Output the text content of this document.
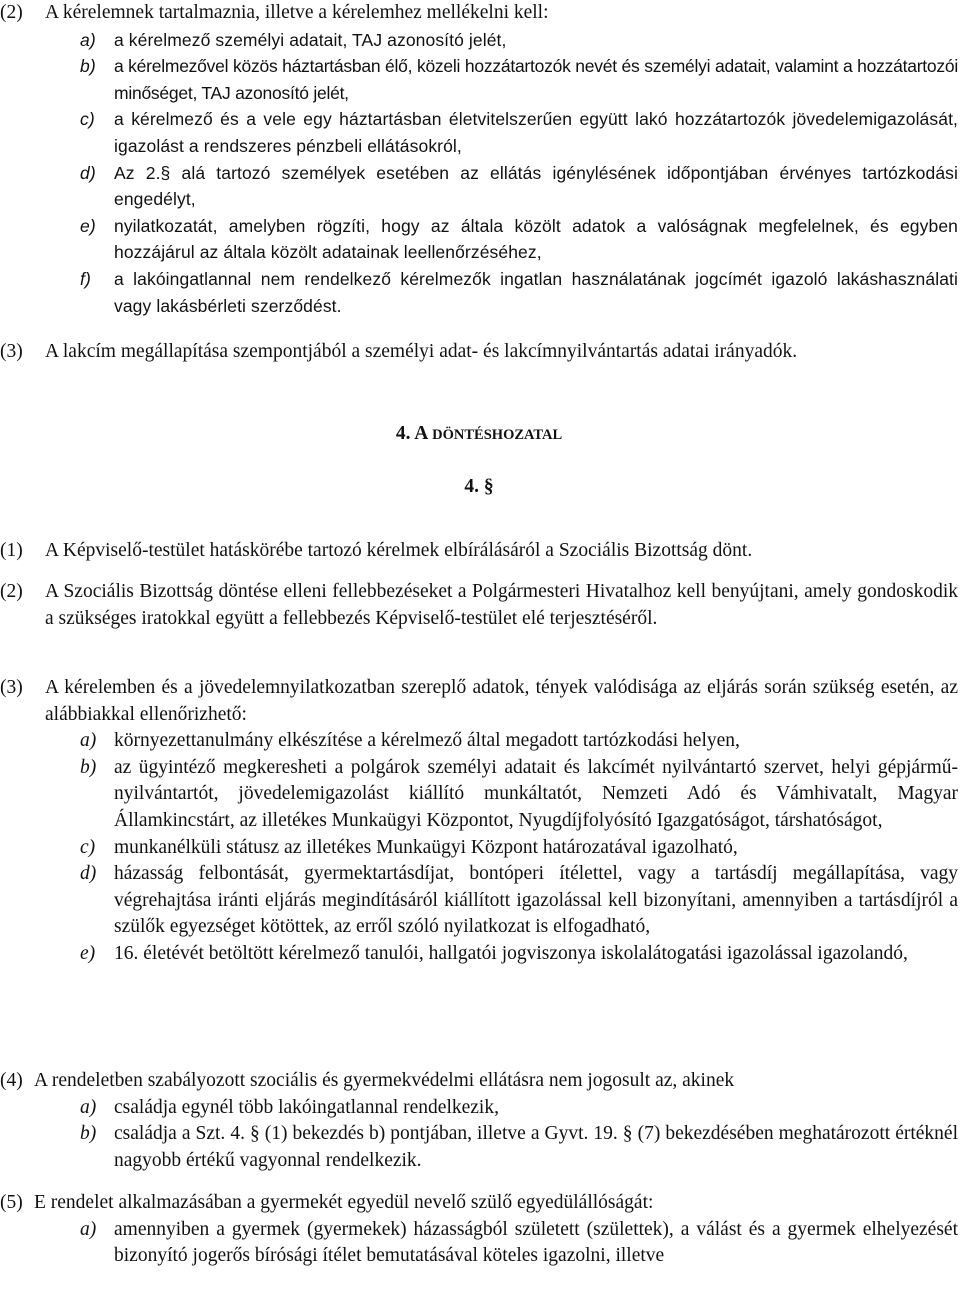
(2)	A kérelemnek tartalmaznia, illetve a kérelemhez mellékelni kell:
a)	a kérelmező személyi adatait, TAJ azonosító jelét,
b)	a kérelmezővel közös háztartásban élő, közeli hozzátartozók nevét és személyi adatait, valamint a hozzátartozói minőséget, TAJ azonosító jelét,
c)	a kérelmező és a vele egy háztartásban életvitelszerűen együtt lakó hozzátartozók jövedelemigazolását, igazolást a rendszeres pénzbeli ellátásokról,
d)	Az 2.§ alá tartozó személyek esetében az ellátás igénylésének időpontjában érvényes tartózkodási engedélyt,
e)	nyilatkozatát, amelyben rögzíti, hogy az általa közölt adatok a valóságnak megfelelnek, és egyben hozzájárul az általa közölt adatainak leellenőrzéséhez,
f)	a lakóingatlannal nem rendelkező kérelmezők ingatlan használatának jogcímét igazoló lakáshasználati vagy lakásbérleti szerződést.
(3)	A lakcím megállapítása szempontjából a személyi adat- és lakcímnyilvántartás adatai irányadók.
4. A DÖNTÉSHOZATAL
4. §
(1)	A Képviselő-testület hatáskörébe tartozó kérelmek elbírálásáról a Szociális Bizottság dönt.
(2)	A Szociális Bizottság döntése elleni fellebbezéseket a Polgármesteri Hivatalhoz kell benyújtani, amely gondoskodik a szükséges iratokkal együtt a fellebbezés Képviselő-testület elé terjesztéséről.
(3)	A kérelemben és a jövedelemnyilatkozatban szereplő adatok, tények valódisága az eljárás során szükség esetén, az alábbiakkal ellenőrizhető:
a) környezettanulmány elkészítése a kérelmező által megadott tartózkodási helyen,
b) az ügyintéző megkeresheti a polgárok személyi adatait és lakcímét nyilvántartó szervet, helyi gépjármű-nyilvántartót, jövedelemigazolást kiállító munkáltatót, Nemzeti Adó és Vámhivatalt, Magyar Államkincstárt, az illetékes Munkaügyi Központot, Nyugdíjfolyósító Igazgatóságot, társhatóságot,
c) munkanélküli státusz az illetékes Munkaügyi Központ határozatával igazolható,
d) házasság felbontását, gyermektartásdíjat, bontóperi ítélettel, vagy a tartásdíj megállapítása, vagy végrehajtása iránti eljárás megindításáról kiállított igazolással kell bizonyítani, amennyiben a tartásdíjról a szülők egyezséget kötöttek, az erről szóló nyilatkozat is elfogadható,
e) 16. életévét betöltött kérelmező tanulói, hallgatói jogviszonya iskolalátogatási igazolással igazolandó,
(4) A rendeletben szabályozott szociális és gyermekvédelmi ellátásra nem jogosult az, akinek
a) családja egynél több lakóingatlannal rendelkezik,
b) családja a Szt. 4. § (1) bekezdés b) pontjában, illetve a Gyvt. 19. § (7) bekezdésében meghatározott értéknél nagyobb értékű vagyonnal rendelkezik.
(5) E rendelet alkalmazásában a gyermekét egyedül nevelő szülő egyedülállóságát:
a) amennyiben a gyermek (gyermekek) házasságból született (születtek), a válást és a gyermek elhelyezését bizonyító jogerős bírósági ítélet bemutatásával köteles igazolni, illetve
